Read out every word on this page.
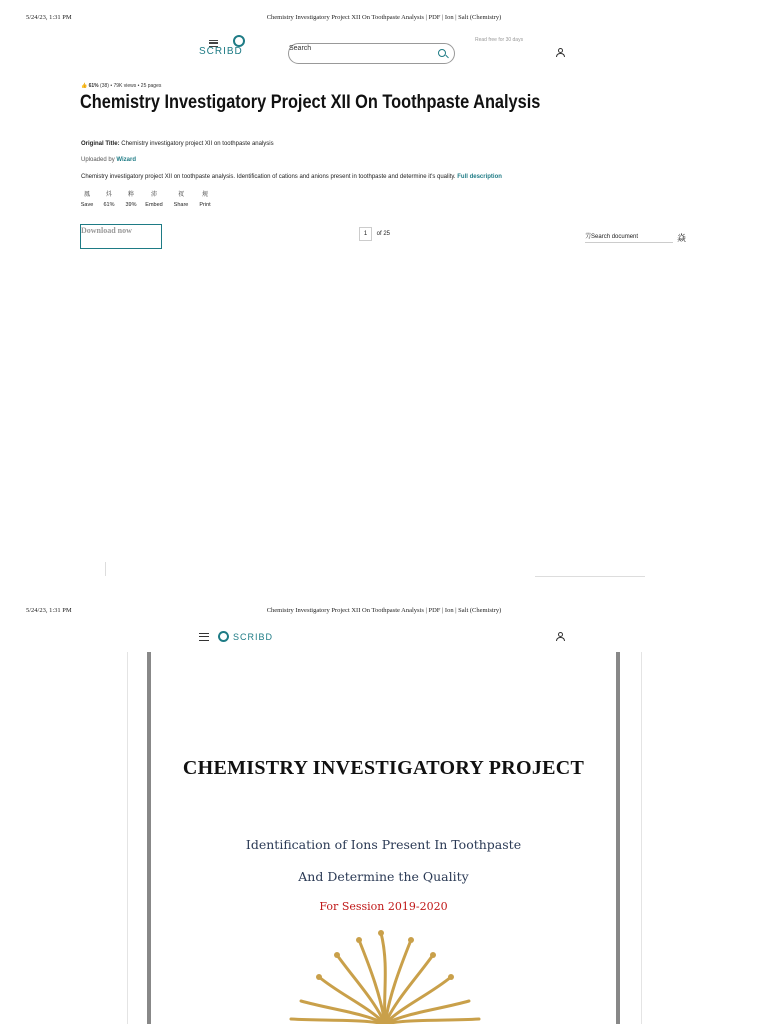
5/24/23, 1:31 PM	Chemistry Investigatory Project XII On Toothpaste Analysis | PDF | Ion | Salt (Chemistry)
SCRIBD	Search
Read free for 30 days
👍 61% (38) • 79K views • 25 pages
Chemistry Investigatory Project XII On Toothpaste Analysis
Original Title: Chemistry investigatory project XII on toothpaste analysis
Uploaded by Wizard
Chemistry investigatory project XII on toothpaste analysis. Identification of cations and anions present in toothpaste and determine it's quality. Full description
鳳
Save
炓
61%
粹
39%
沛
Embed
衩
Share
规
Print
Download now	1 of 25	芀Search document	焱
5/24/23, 1:31 PM	Chemistry Investigatory Project XII On Toothpaste Analysis | PDF | Ion | Salt (Chemistry)
SCRIBD
CHEMISTRY INVESTIGATORY PROJECT
Identification of Ions Present In Toothpaste
And Determine the Quality
For Session 2019-2020
